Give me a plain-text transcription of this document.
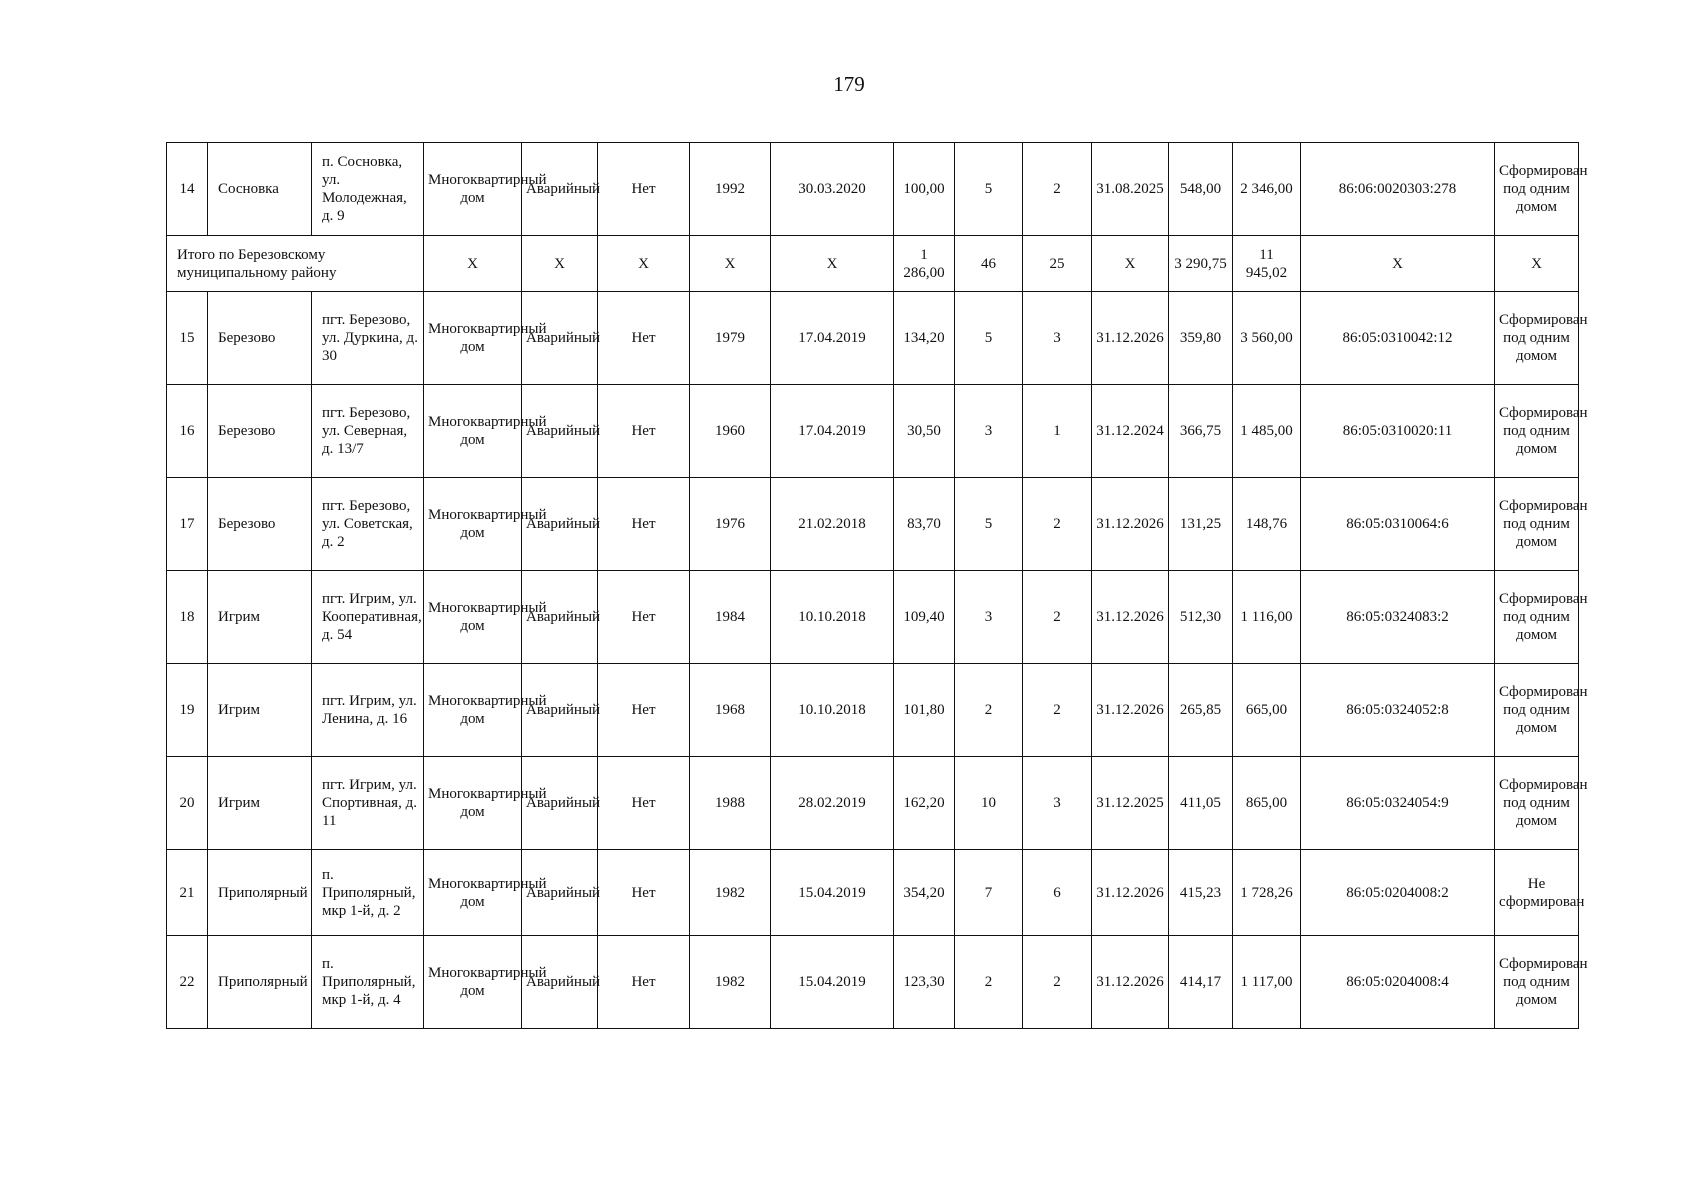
179
14	Сосновка	п. Сосновка, ул. Молодежная, д. 9	Многоквартирный дом	Аварийный	Нет	1992	30.03.2020	100,00	5	2	31.08.2025	548,00	2 346,00	86:06:0020303:278	Сформирован под одним домом
Итого по Березовскому муниципальному району			X	X	X	X	X	1 286,00	46	25	X	3 290,75	11 945,02	X	X
15	Березово	пгт. Березово, ул. Дуркина, д. 30	Многоквартирный дом	Аварийный	Нет	1979	17.04.2019	134,20	5	3	31.12.2026	359,80	3 560,00	86:05:0310042:12	Сформирован под одним домом
16	Березово	пгт. Березово, ул. Северная, д. 13/7	Многоквартирный дом	Аварийный	Нет	1960	17.04.2019	30,50	3	1	31.12.2024	366,75	1 485,00	86:05:0310020:11	Сформирован под одним домом
17	Березово	пгт. Березово, ул. Советская, д. 2	Многоквартирный дом	Аварийный	Нет	1976	21.02.2018	83,70	5	2	31.12.2026	131,25	148,76	86:05:0310064:6	Сформирован под одним домом
18	Игрим	пгт. Игрим, ул. Кооперативная, д. 54	Многоквартирный дом	Аварийный	Нет	1984	10.10.2018	109,40	3	2	31.12.2026	512,30	1 116,00	86:05:0324083:2	Сформирован под одним домом
19	Игрим	пгт. Игрим, ул. Ленина, д. 16	Многоквартирный дом	Аварийный	Нет	1968	10.10.2018	101,80	2	2	31.12.2026	265,85	665,00	86:05:0324052:8	Сформирован под одним домом
20	Игрим	пгт. Игрим, ул. Спортивная, д. 11	Многоквартирный дом	Аварийный	Нет	1988	28.02.2019	162,20	10	3	31.12.2025	411,05	865,00	86:05:0324054:9	Сформирован под одним домом
21	Приполярный	п. Приполярный, мкр 1-й, д. 2	Многоквартирный дом	Аварийный	Нет	1982	15.04.2019	354,20	7	6	31.12.2026	415,23	1 728,26	86:05:0204008:2	Не сформирован
22	Приполярный	п. Приполярный, мкр 1-й, д. 4	Многоквартирный дом	Аварийный	Нет	1982	15.04.2019	123,30	2	2	31.12.2026	414,17	1 117,00	86:05:0204008:4	Сформирован под одним домом
